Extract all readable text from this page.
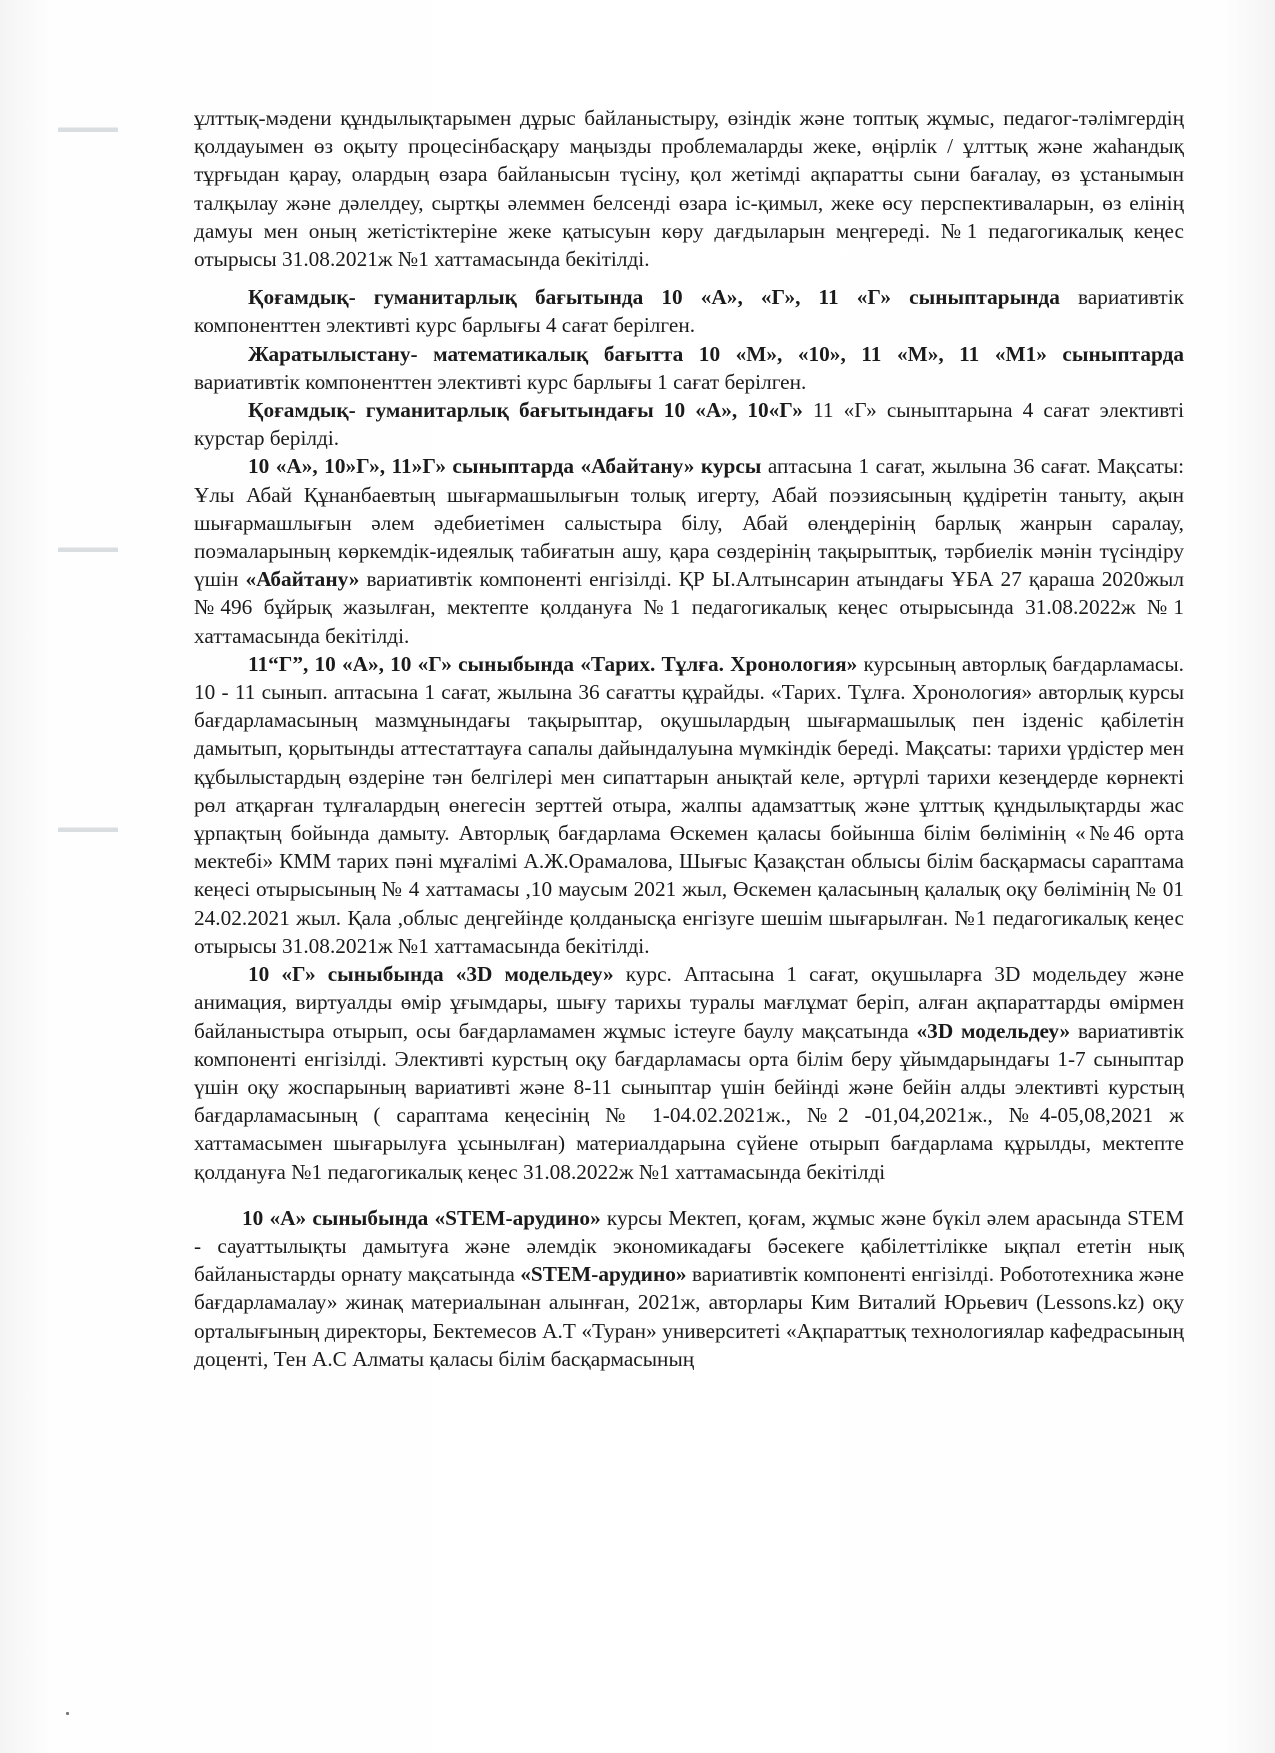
▬▬▬▬
▬▬▬▬
▬▬▬▬

ұлттық-мәдени құндылықтарымен дұрыс байланыстыру, өзіндік және топтық жұмыс, педагог-тәлімгердің қолдауымен өз оқыту процесінбасқару маңызды проблемаларды жеке, өңірлік / ұлттық және жаһандық тұрғыдан қарау, олардың өзара байланысын түсіну, қол жетімді ақпаратты сыни бағалау, өз ұстанымын талқылау және дәлелдеу, сыртқы әлеммен белсенді өзара іс-қимыл, жеке өсу перспективаларын, өз елінің дамуы мен оның жетістіктеріне жеке қатысуын көру дағдыларын меңгереді. №1 педагогикалық кеңес отырысы 31.08.2021ж №1 хаттамасында бекітілді.

Қоғамдық- гуманитарлық бағытында 10 «А», «Г», 11 «Г» сыныптарында вариативтік компоненттен элективті курс барлығы 4 сағат берілген.

Жаратылыстану- математикалық бағытта 10 «М», «10», 11 «М», 11 «М1» сыныптарда вариативтік компоненттен элективті курс барлығы 1 сағат берілген.

Қоғамдық- гуманитарлық бағытындағы 10 «А», 10«Г» 11 «Г» сыныптарына 4 сағат элективті курстар берілді.

10 «А», 10»Г», 11»Г» сыныптарда «Абайтану» курсы аптасына 1 сағат, жылына 36 сағат. Мақсаты: Ұлы Абай Құнанбаевтың шығармашылығын толық игерту, Абай поэзиясының құдіретін таныту, ақын шығармашлығын әлем әдебиетімен салыстыра білу, Абай өлеңдерінің барлық жанрын саралау, поэмаларының көркемдік-идеялық табиғатын ашу, қара сөздерінің тақырыптық, тәрбиелік мәнін түсіндіру үшін «Абайтану» вариативтік компоненті енгізілді. ҚР Ы.Алтынсарин атындағы ҰБА 27 қараша 2020жыл №496 бұйрық жазылған, мектепте қолдануға №1 педагогикалық кеңес отырысында 31.08.2022ж №1 хаттамасында бекітілді.

11“Г”, 10 «А», 10 «Г» сыныбында «Тарих. Тұлға. Хронология» курсының авторлық бағдарламасы. 10 - 11 сынып. аптасына 1 сағат, жылына 36 сағатты құрайды. «Тарих. Тұлға. Хронология» авторлық курсы бағдарламасының мазмұнындағы тақырыптар, оқушылардың шығармашылық пен ізденіс қабілетін дамытып, қорытынды аттестаттауға сапалы дайындалуына мүмкіндік береді. Мақсаты: тарихи үрдістер мен құбылыстардың өздеріне тән белгілері мен сипаттарын анықтай келе, әртүрлі тарихи кезеңдерде көрнекті рөл атқарған тұлғалардың өнегесін зерттей отыра, жалпы адамзаттық және ұлттық құндылықтарды жас ұрпақтың бойында дамыту. Авторлық бағдарлама Өскемен қаласы бойынша білім бөлімінің «№46 орта мектебі» КММ тарих пәні мұғалімі А.Ж.Орамалова, Шығыс Қазақстан облысы білім басқармасы сараптама кеңесі отырысының № 4 хаттамасы ,10 маусым 2021 жыл, Өскемен қаласының қалалық оқу бөлімінің № 01 24.02.2021 жыл. Қала ,облыс деңгейінде қолданысқа енгізуге шешім шығарылған. №1 педагогикалық кеңес отырысы 31.08.2021ж №1 хаттамасында бекітілді.

10 «Г» сыныбында «3D модельдеу» курс. Аптасына 1 сағат, оқушыларға 3D модельдеу және анимация, виртуалды өмір ұғымдары, шығу тарихы туралы мағлұмат беріп, алған ақпараттарды өмірмен байланыстыра отырып, осы бағдарламамен жұмыс істеуге баулу мақсатында «3D модельдеу» вариативтік компоненті енгізілді. Элективті курстың оқу бағдарламасы орта білім беру ұйымдарындағы 1-7 сыныптар үшін оқу жоспарының вариативті және 8-11 сыныптар үшін бейінді және бейін алды элективті курстың бағдарламасының ( сараптама кеңесінің № 1-04.02.2021ж., №2 -01,04,2021ж., №4-05,08,2021 ж хаттамасымен шығарылуға ұсынылған) материалдарына сүйене отырып бағдарлама құрылды, мектепте қолдануға №1 педагогикалық кеңес 31.08.2022ж №1 хаттамасында бекітілді

10 «А» сыныбында «STEM-арудино» курсы Мектеп, қоғам, жұмыс және бүкіл әлем арасында STEM - сауаттылықты дамытуға және әлемдік экономикадағы бәсекеге қабілеттілікке ықпал ететін нық байланыстарды орнату мақсатында «STEM-арудино» вариативтік компоненті енгізілді. Робототехника және бағдарламалау» жинақ материалынан алынған, 2021ж, авторлары Ким Виталий Юрьевич (Lessons.kz) оқу орталығының директоры, Бектемесов А.Т «Туран» университеті «Ақпараттық технологиялар кафедрасының доценті, Тен А.С Алматы қаласы білім басқармасының
